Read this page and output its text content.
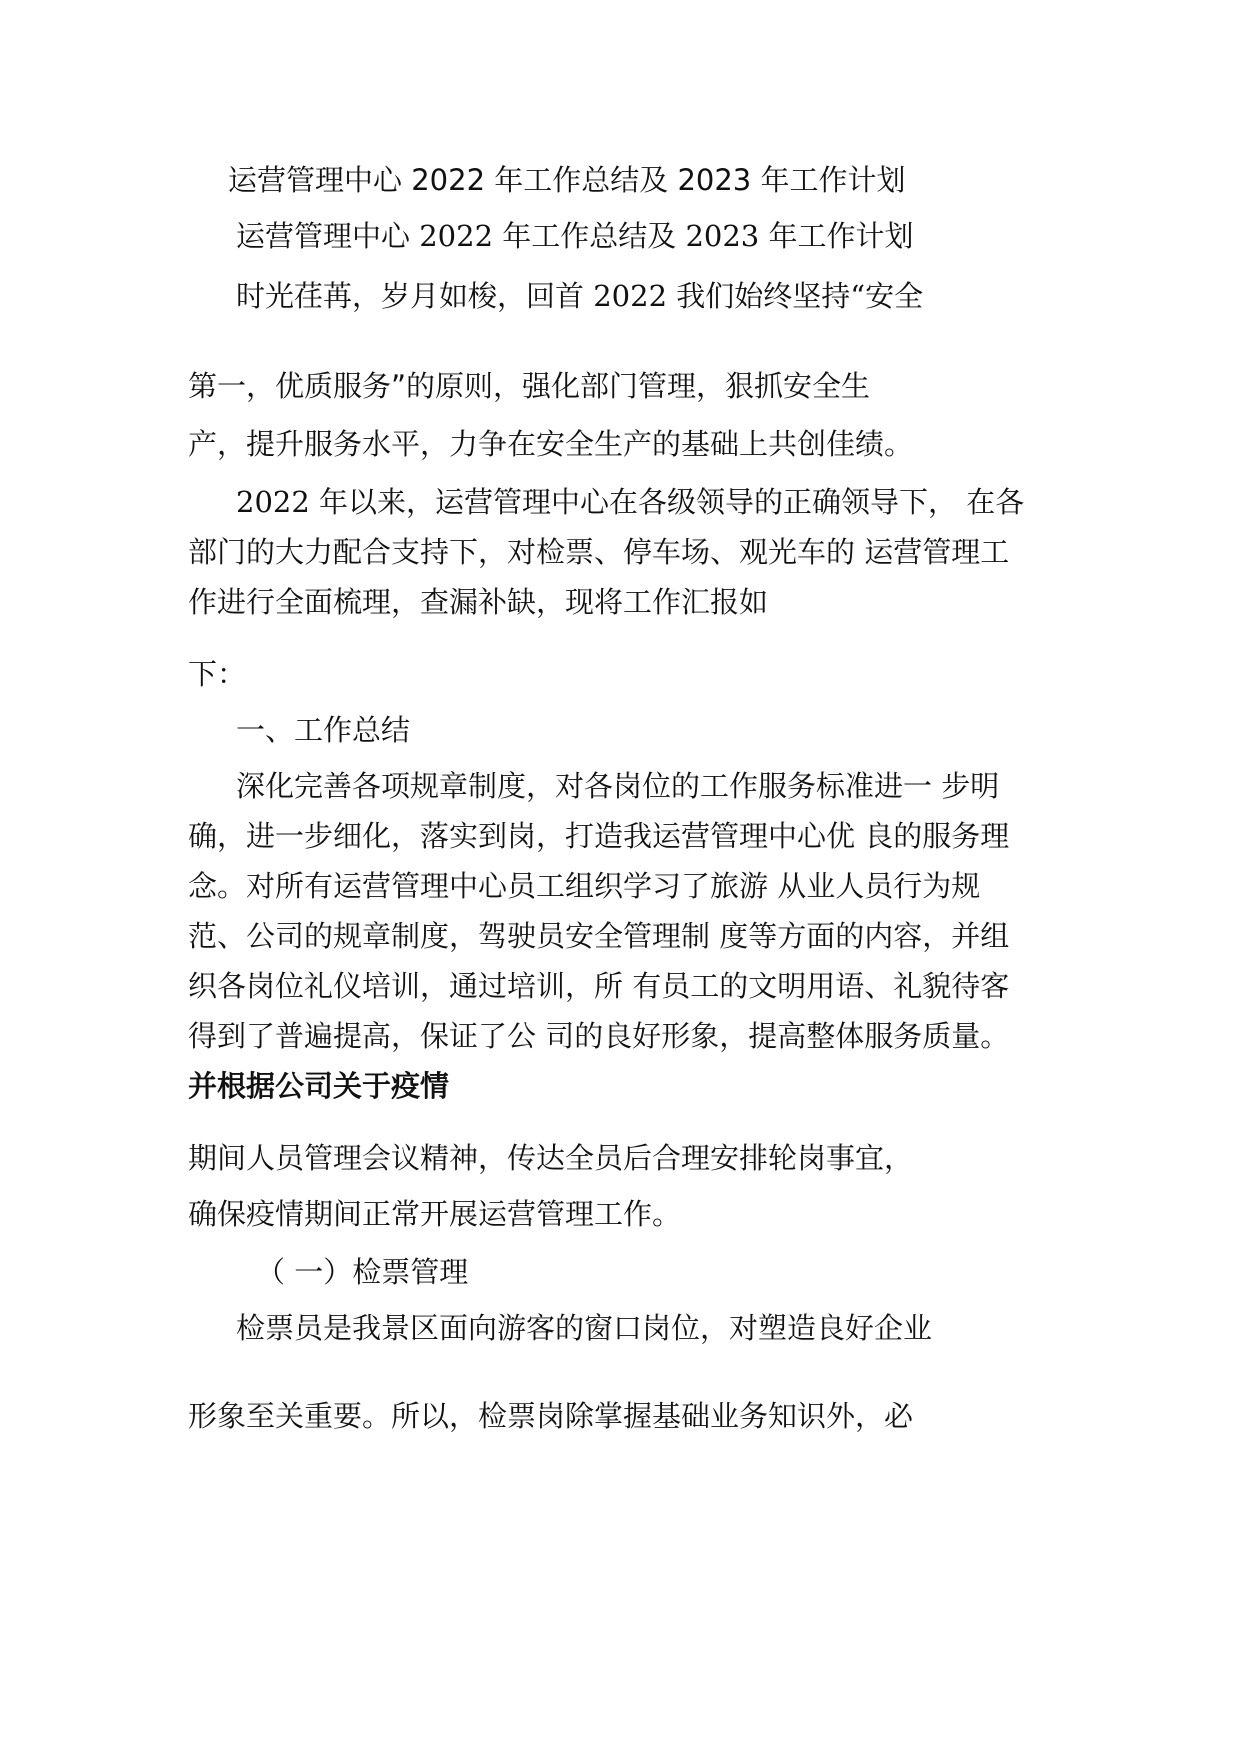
运营管理中心 2022 年工作总结及 2023 年工作计划
运营管理中心 2022 年工作总结及 2023 年工作计划
时光荏苒，岁月如梭，回首 2022 我们始终坚持“安全
第一，优质服务”的原则，强化部门管理，狠抓安全生
产，提升服务水平，力争在安全生产的基础上共创佳绩。
2022 年以来，运营管理中心在各级领导的正确领导下， 在各
部门的大力配合支持下，对检票、停车场、观光车的 运营管理工
作进行全面梳理，查漏补缺，现将工作汇报如
下：
一、工作总结
深化完善各项规章制度，对各岗位的工作服务标准进一 步明
确，进一步细化，落实到岗，打造我运营管理中心优 良的服务理
念。对所有运营管理中心员工组织学习了旅游 从业人员行为规
范、公司的规章制度，驾驶员安全管理制 度等方面的内容，并组
织各岗位礼仪培训，通过培训，所 有员工的文明用语、礼貌待客
得到了普遍提高，保证了公 司的良好形象，提高整体服务质量。
并根据公司关于疫情
期间人员管理会议精神，传达全员后合理安排轮岗事宜，
确保疫情期间正常开展运营管理工作。
（ 一）检票管理
检票员是我景区面向游客的窗口岗位，对塑造良好企业
形象至关重要。所以，检票岗除掌握基础业务知识外，必
